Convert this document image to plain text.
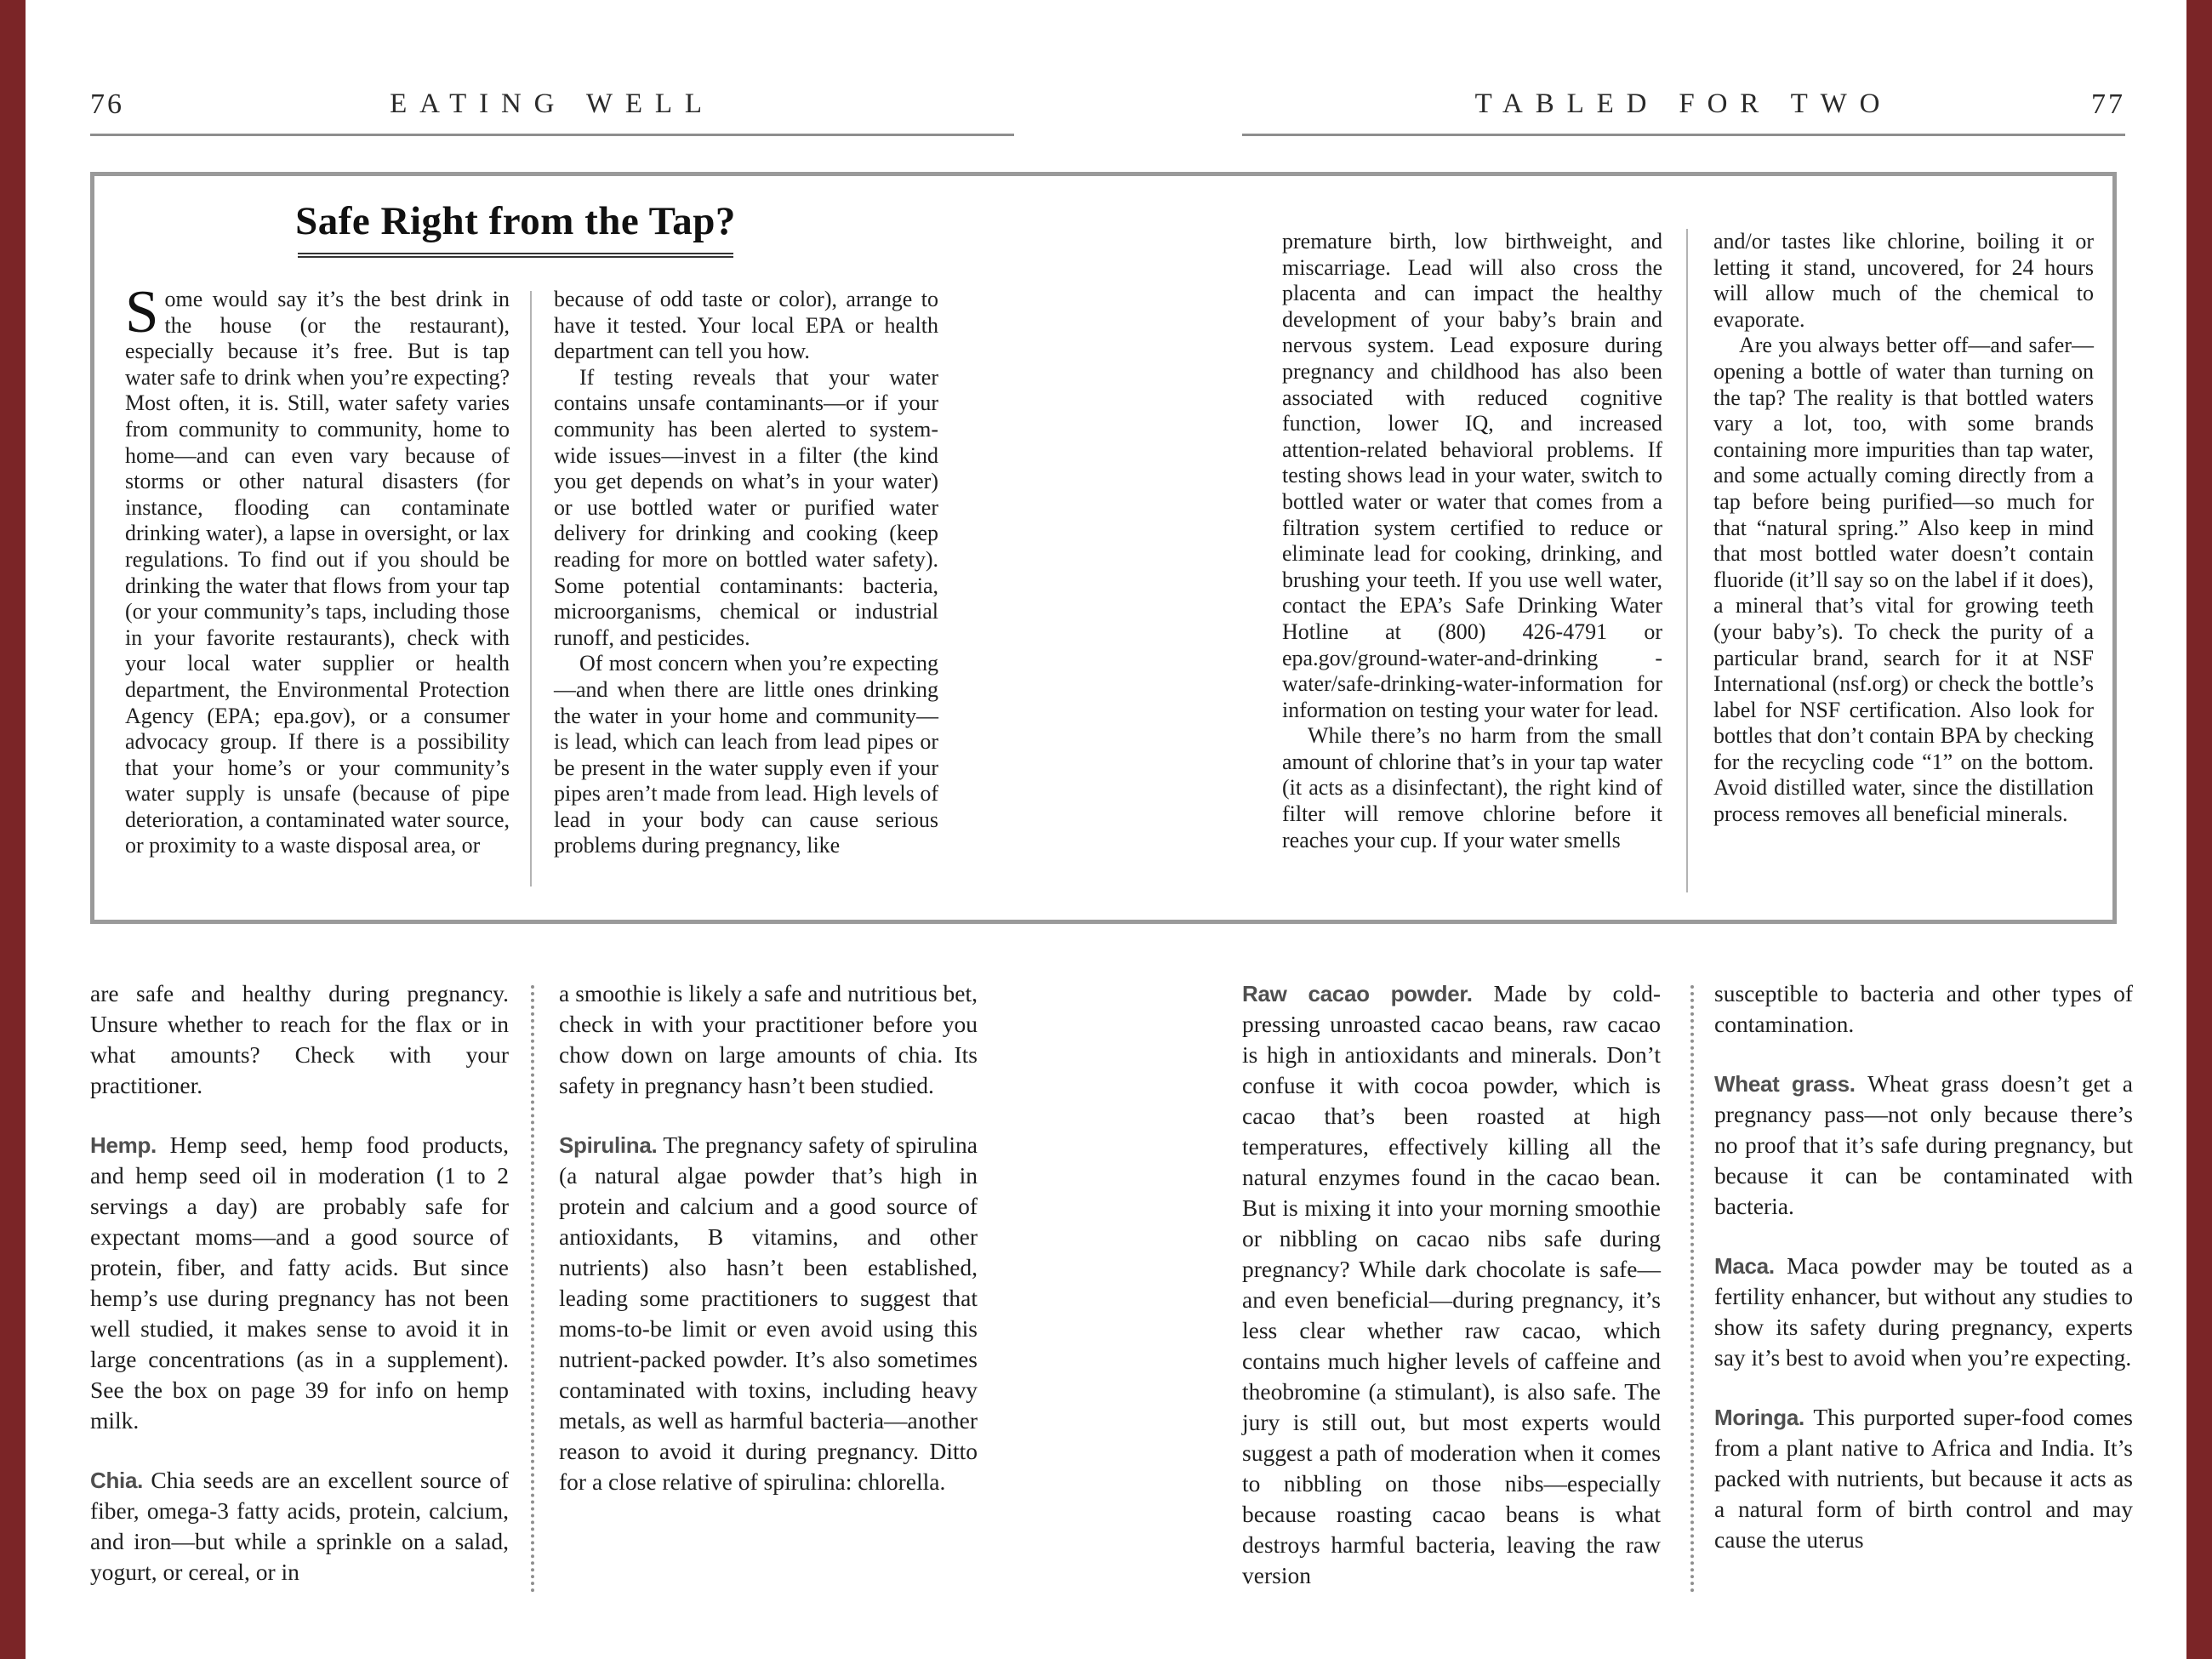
76	EATING WELL	TABLED FOR TWO	77
Safe Right from the Tap?

Some would say it’s the best drink in the house (or the restaurant), especially because it’s free. But is tap water safe to drink when you’re expecting? Most often, it is. Still, water safety varies from community to community, home to home—and can even vary because of storms or other natural disasters (for instance, flooding can contaminate drinking water), a lapse in oversight, or lax regulations. To find out if you should be drinking the water that flows from your tap (or your community’s taps, including those in your favorite restaurants), check with your local water supplier or health department, the Environmental Protection Agency (EPA; epa.gov), or a consumer advocacy group. If there is a possibility that your home’s or your community’s water supply is unsafe (because of pipe deterioration, a contaminated water source, or proximity to a waste disposal area, or

because of odd taste or color), arrange to have it tested. Your local EPA or health department can tell you how.

If testing reveals that your water contains unsafe contaminants—or if your community has been alerted to system-wide issues—invest in a filter (the kind you get depends on what’s in your water) or use bottled water or purified water delivery for drinking and cooking (keep reading for more on bottled water safety). Some potential contaminants: bacteria, microorganisms, chemical or industrial runoff, and pesticides.

Of most concern when you’re expecting—and when there are little ones drinking the water in your home and community—is lead, which can leach from lead pipes or be present in the water supply even if your pipes aren’t made from lead. High levels of lead in your body can cause serious problems during pregnancy, like

premature birth, low birthweight, and miscarriage. Lead will also cross the placenta and can impact the healthy development of your baby’s brain and nervous system. Lead exposure during pregnancy and childhood has also been associated with reduced cognitive function, lower IQ, and increased attention-related behavioral problems. If testing shows lead in your water, switch to bottled water or water that comes from a filtration system certified to reduce or eliminate lead for cooking, drinking, and brushing your teeth. If you use well water, contact the EPA’s Safe Drinking Water Hotline at (800) 426-4791 or epa.gov/ground-water-and-drinking -water/safe-drinking-water-information for information on testing your water for lead.

While there’s no harm from the small amount of chlorine that’s in your tap water (it acts as a disinfectant), the right kind of filter will remove chlorine before it reaches your cup. If your water smells

and/or tastes like chlorine, boiling it or letting it stand, uncovered, for 24 hours will allow much of the chemical to evaporate.

Are you always better off—and safer—opening a bottle of water than turning on the tap? The reality is that bottled waters vary a lot, too, with some brands containing more impurities than tap water, and some actually coming directly from a tap before being purified—so much for that “natural spring.” Also keep in mind that most bottled water doesn’t contain fluoride (it’ll say so on the label if it does), a mineral that’s vital for growing teeth (your baby’s). To check the purity of a particular brand, search for it at NSF International (nsf.org) or check the bottle’s label for NSF certification. Also look for bottles that don’t contain BPA by checking for the recycling code “1” on the bottom. Avoid distilled water, since the distillation process removes all beneficial minerals.

are safe and healthy during pregnancy. Unsure whether to reach for the flax or in what amounts? Check with your practitioner.

Hemp. Hemp seed, hemp food products, and hemp seed oil in moderation (1 to 2 servings a day) are probably safe for expectant moms—and a good source of protein, fiber, and fatty acids. But since hemp’s use during pregnancy has not been well studied, it makes sense to avoid it in large concentrations (as in a supplement). See the box on page 39 for info on hemp milk.

Chia. Chia seeds are an excellent source of fiber, omega-3 fatty acids, protein, calcium, and iron—but while a sprinkle on a salad, yogurt, or cereal, or in

a smoothie is likely a safe and nutritious bet, check in with your practitioner before you chow down on large amounts of chia. Its safety in pregnancy hasn’t been studied.

Spirulina. The pregnancy safety of spirulina (a natural algae powder that’s high in protein and calcium and a good source of antioxidants, B vitamins, and other nutrients) also hasn’t been established, leading some practitioners to suggest that moms-to-be limit or even avoid using this nutrient-packed powder. It’s also sometimes contaminated with toxins, including heavy metals, as well as harmful bacteria—another reason to avoid it during pregnancy. Ditto for a close relative of spirulina: chlorella.

Raw cacao powder. Made by cold-pressing unroasted cacao beans, raw cacao is high in antioxidants and minerals. Don’t confuse it with cocoa powder, which is cacao that’s been roasted at high temperatures, effectively killing all the natural enzymes found in the cacao bean. But is mixing it into your morning smoothie or nibbling on cacao nibs safe during pregnancy? While dark chocolate is safe—and even beneficial—during pregnancy, it’s less clear whether raw cacao, which contains much higher levels of caffeine and theobromine (a stimulant), is also safe. The jury is still out, but most experts would suggest a path of moderation when it comes to nibbling on those nibs—especially because roasting cacao beans is what destroys harmful bacteria, leaving the raw version

susceptible to bacteria and other types of contamination.

Wheat grass. Wheat grass doesn’t get a pregnancy pass—not only because there’s no proof that it’s safe during pregnancy, but because it can be contaminated with bacteria.

Maca. Maca powder may be touted as a fertility enhancer, but without any studies to show its safety during pregnancy, experts say it’s best to avoid when you’re expecting.

Moringa. This purported super-food comes from a plant native to Africa and India. It’s packed with nutrients, but because it acts as a natural form of birth control and may cause the uterus
